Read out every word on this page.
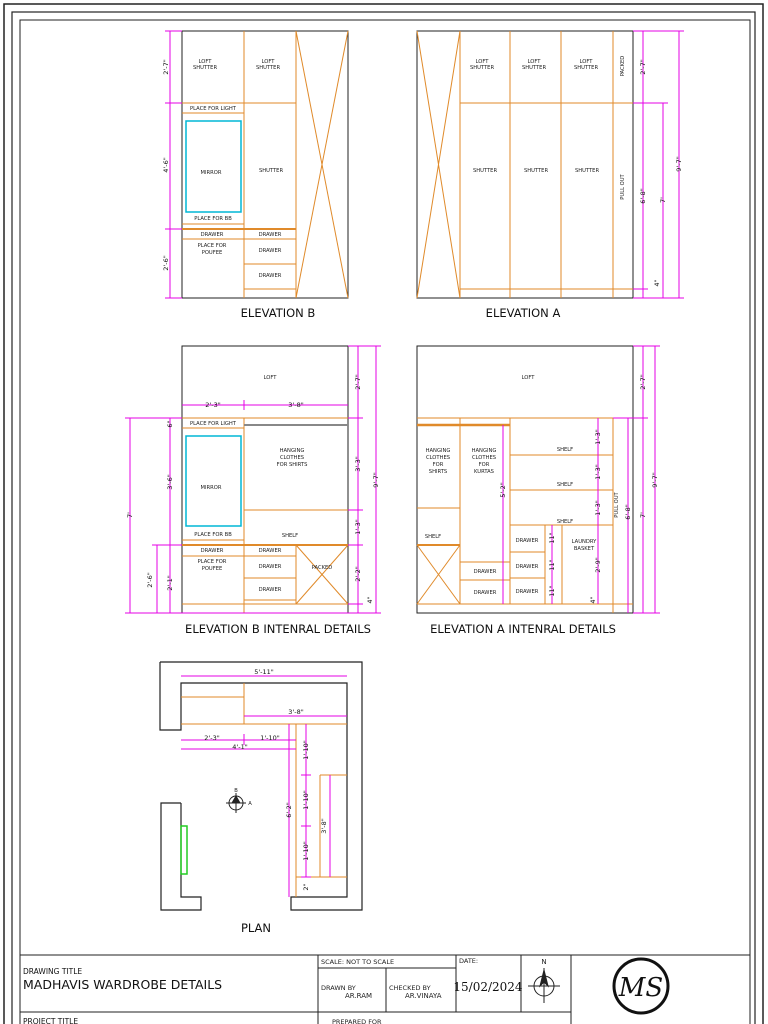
LOFT SHUTTER
LOFT SHUTTER
PLACE FOR LIGHT
MIRROR	SHUTTER
PLACE FOR BB
DRAWER	DRAWER
DRAWER
DRAWER
PLACE FOR POUFEE
2'-7"
4'-6"
2'-6"
ELEVATION B
LOFT SHUTTER
LOFT SHUTTER
LOFT SHUTTER	PACKED
SHUTTER	SHUTTER	SHUTTER
PULL OUT
2'-7"
6'-8" 7'
9'-7"
4"
ELEVATION A
LOFT
2'-3"	3'-8"
PLACE FOR LIGHT
MIRROR
HANGING CLOTHES FOR SHIRTS
SHELF
PLACE FOR BB
DRAWER	DRAWER
DRAWER
DRAWER
PLACE FOR POUFEE	PACKED
2'-7"
3'-3"
1'-3"
2'-2"
4"
9'-7"
7'
3'-6"
6"
2'-6" 2'-1"
ELEVATION B INTENRAL DETAILS
LOFT
HANGING CLOTHES FOR SHIRTS
HANGING CLOTHES FOR KURTAS
SHELF
SHELF
SHELF
SHELF
DRAWER
DRAWER
DRAWER
DRAWER
DRAWER
LAUNDRY BASKET
PULL OUT
2'-7"
9'-7"
6'-8" 7'
5'-2"
1'-3"
1'-3"
1'-3"
2'-9"
11"
11"
11"
4"
ELEVATION A INTENRAL DETAILS
B
A
5'-11"
3'-8"
2'-3"	1'-10"
4'-1"	1'-10"
1'-10"
1'-10"
6'-2"
3'-8"
2"
PLAN
DRAWING TITLE
MADHAVIS WARDROBE DETAILS
SCALE: NOT TO SCALE	DATE:
15/02/2024
DRAWN BY
AR.RAM
CHECKED BY
AR.VINAYA
N
MS
PROJECT TITLE	PREPARED FOR
